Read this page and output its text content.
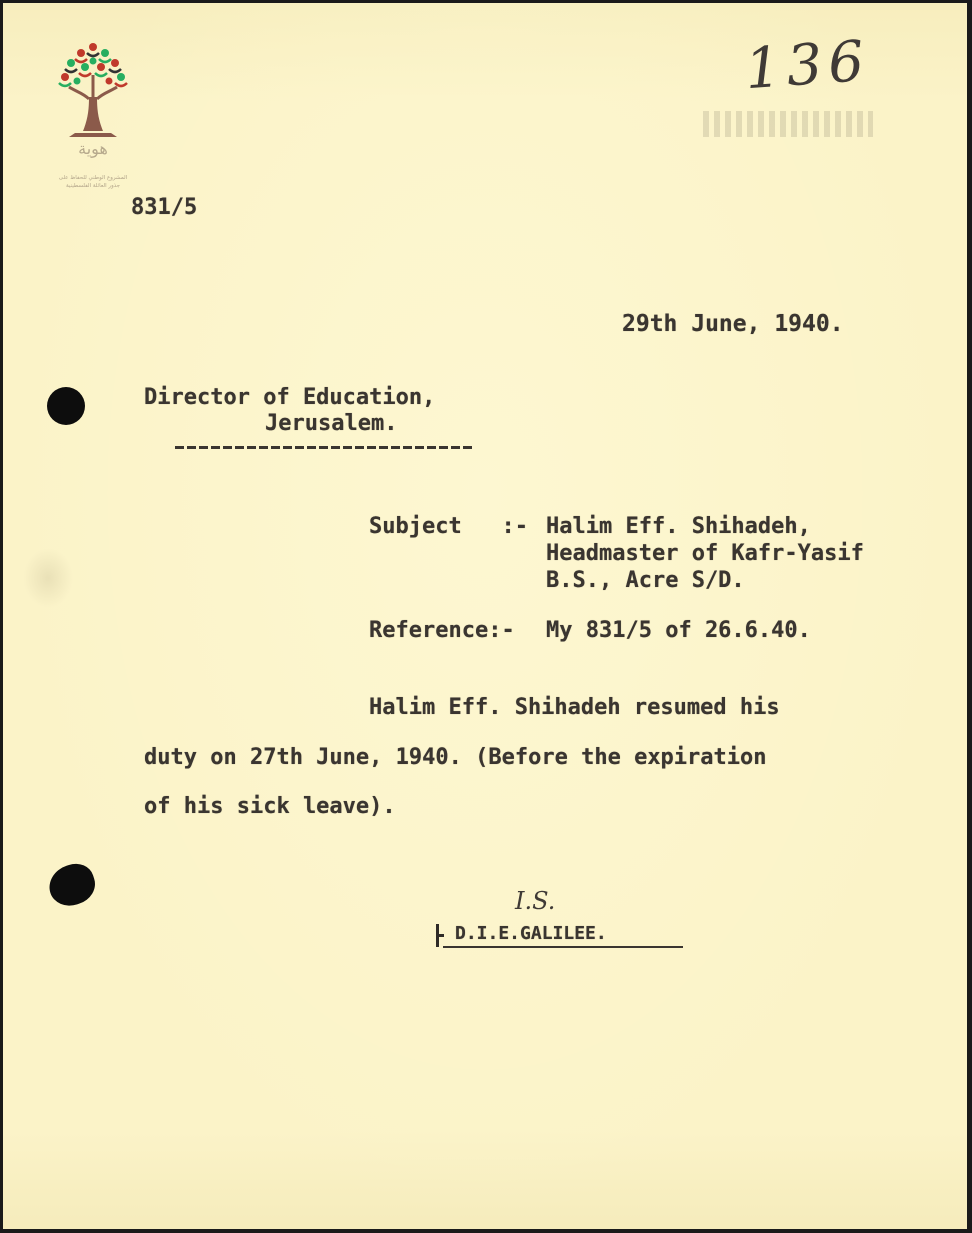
هوية
المشروع الوطني للحفاظ على
جذور العائلة الفلسطينية
136
831/5
29th June, 1940.
Director of Education,
Jerusalem.
Subject   :- Halim Eff. Shihadeh,
Headmaster of Kafr-Yasif
B.S., Acre S/D.
Reference:- My 831/5 of 26.6.40.
Halim Eff. Shihadeh resumed his
duty on 27th June, 1940. (Before the expiration
of his sick leave).
I.S.
D.I.E.GALILEE.
